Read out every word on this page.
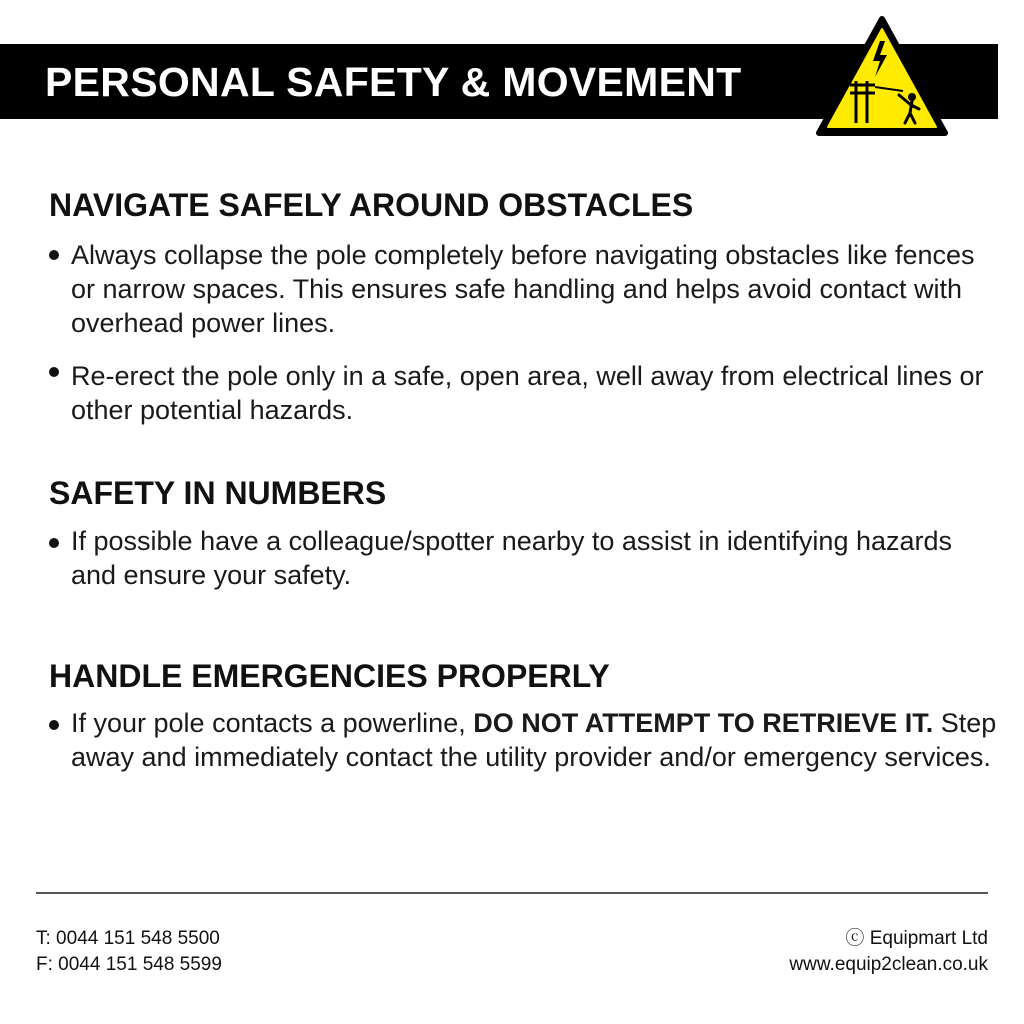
PERSONAL SAFETY & MOVEMENT
NAVIGATE SAFELY AROUND OBSTACLES

Always collapse the pole completely before navigating obstacles like fences or narrow spaces. This ensures safe handling and helps avoid contact with overhead power lines.

Re-erect the pole only in a safe, open area, well away from electrical lines or other potential hazards.

SAFETY IN NUMBERS

If possible have a colleague/spotter nearby to assist in identifying hazards and ensure your safety.

HANDLE EMERGENCIES PROPERLY

If your pole contacts a powerline, DO NOT ATTEMPT TO RETRIEVE IT. Step away and immediately contact the utility provider and/or emergency services.

T: 0044 151 548 5500

F: 0044 151 548 5599

ⓒ Equipmart Ltd

www.equip2clean.co.uk
